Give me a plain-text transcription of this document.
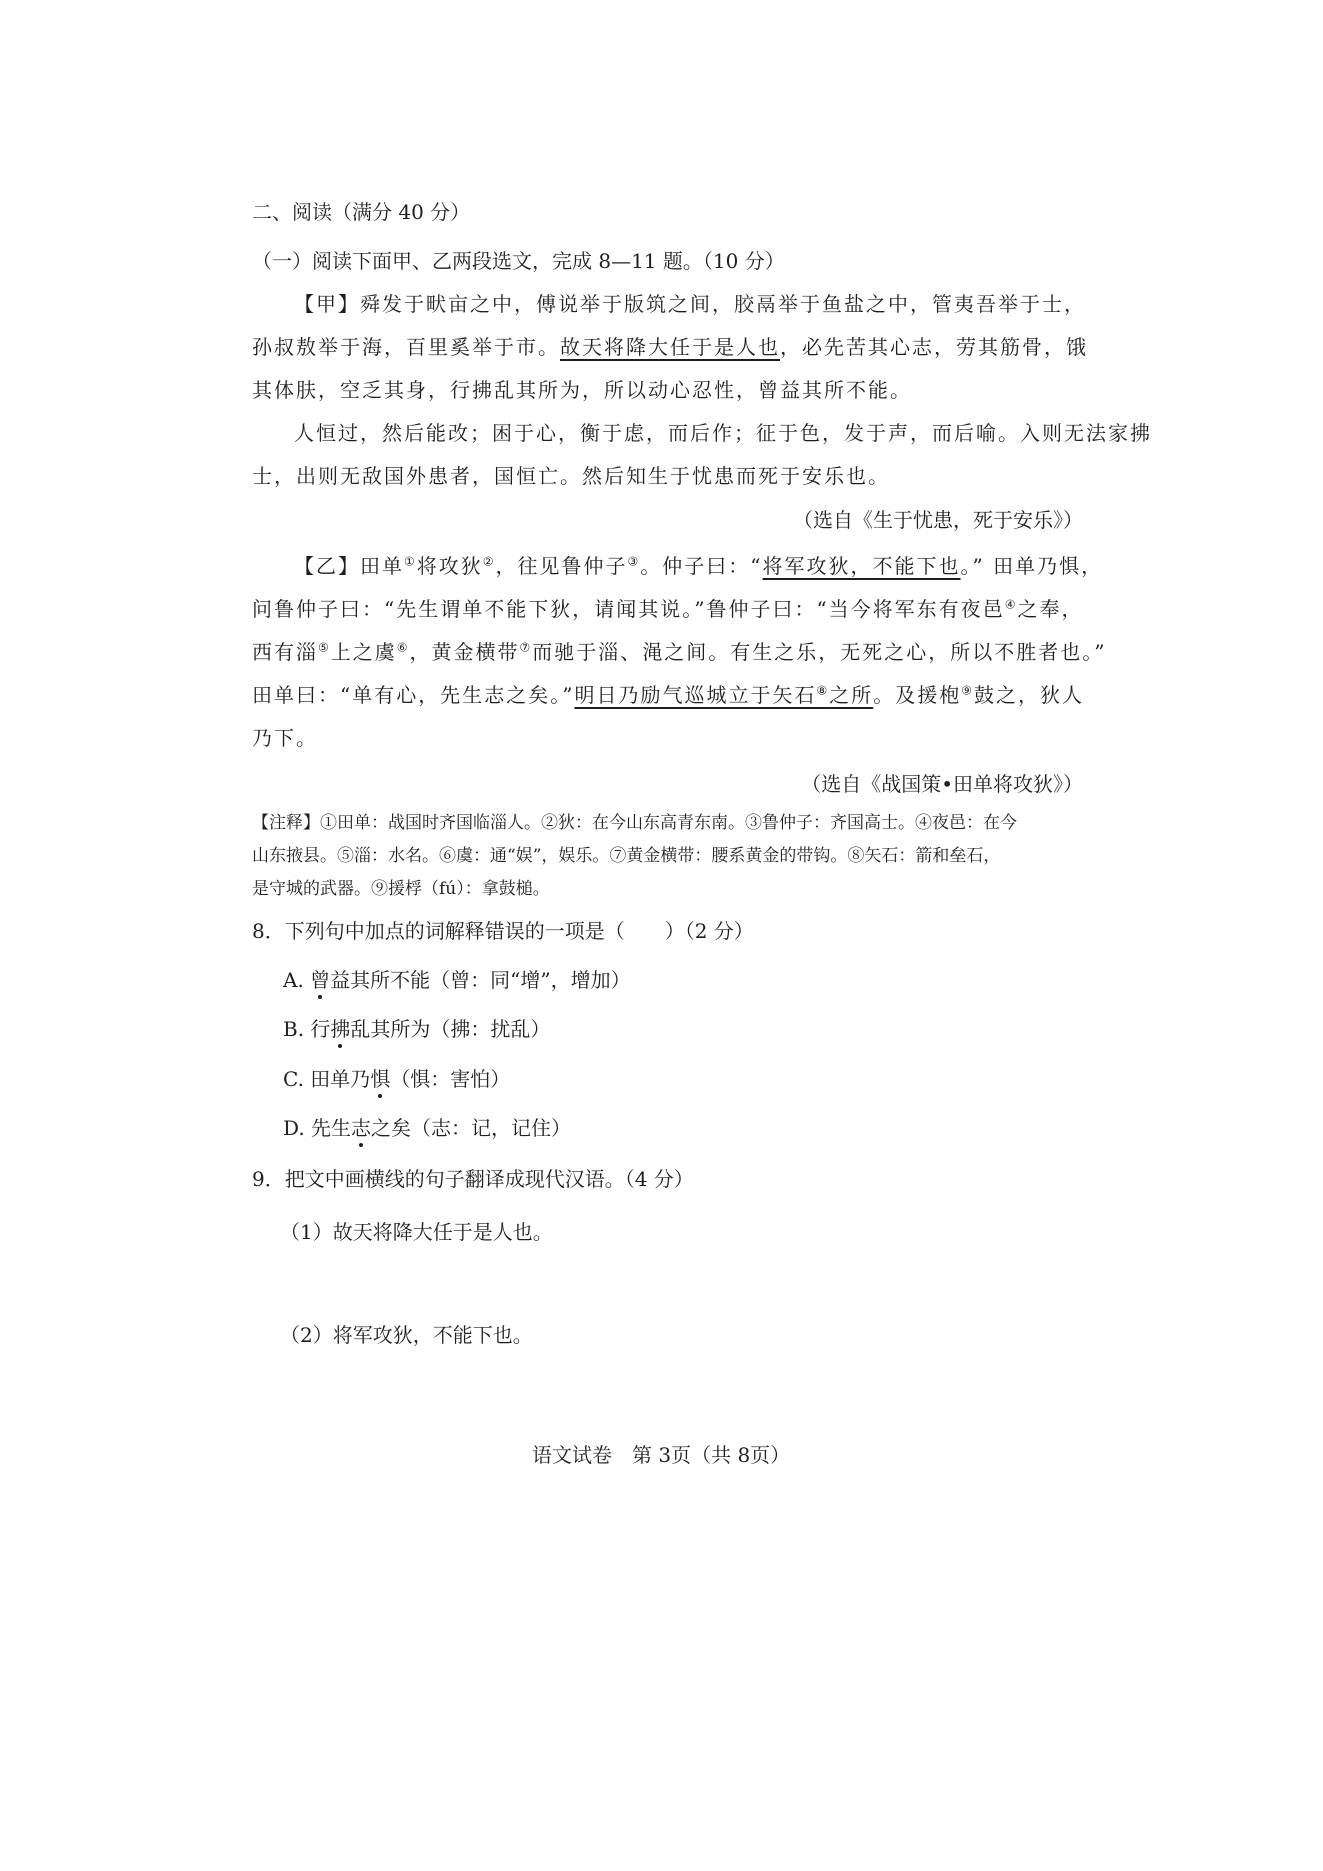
二、阅读（满分 40 分）
（一）阅读下面甲、乙两段选文，完成 8—11 题。（10 分）
【甲】舜发于畎亩之中，傅说举于版筑之间，胶鬲举于鱼盐之中，管夷吾举于士，
孙叔敖举于海，百里奚举于市。故天将降大任于是人也，必先苦其心志，劳其筋骨，饿
其体肤，空乏其身，行拂乱其所为，所以动心忍性，曾益其所不能。
人恒过，然后能改；困于心，衡于虑，而后作；征于色，发于声，而后喻。入则无法家拂
士，出则无敌国外患者，国恒亡。然后知生于忧患而死于安乐也。
（选自《生于忧患，死于安乐》）
【乙】田单①将攻狄②，往见鲁仲子③。仲子曰：“将军攻狄，不能下也。” 田单乃惧，
问鲁仲子曰：“先生谓单不能下狄，请闻其说。”鲁仲子曰：“当今将军东有夜邑④之奉，
西有淄⑤上之虞⑥，黄金横带⑦而驰于淄、渑之间。有生之乐，无死之心，所以不胜者也。”
田单曰：“单有心，先生志之矣。”明日乃励气巡城立于矢石⑧之所。及援枹⑨鼓之，狄人
乃下。
（选自《战国策•田单将攻狄》）
【注释】①田单：战国时齐国临淄人。②狄：在今山东高青东南。③鲁仲子：齐国高士。④夜邑：在今
山东掖县。⑤淄：水名。⑥虞：通“娱”，娱乐。⑦黄金横带：腰系黄金的带钩。⑧矢石：箭和垒石，
是守城的武器。⑨援桴（fú）：拿鼓槌。
8．下列句中加点的词解释错误的一项是（　　）（2 分）
A. 曾益其所不能（曾：同“增”，增加）
B. 行拂乱其所为（拂：扰乱）
C. 田单乃惧（惧：害怕）
D. 先生志之矣（志：记，记住）
9．把文中画横线的句子翻译成现代汉语。（4 分）
（1）故天将降大任于是人也。
（2）将军攻狄，不能下也。
语文试卷　第 3页（共 8页）
